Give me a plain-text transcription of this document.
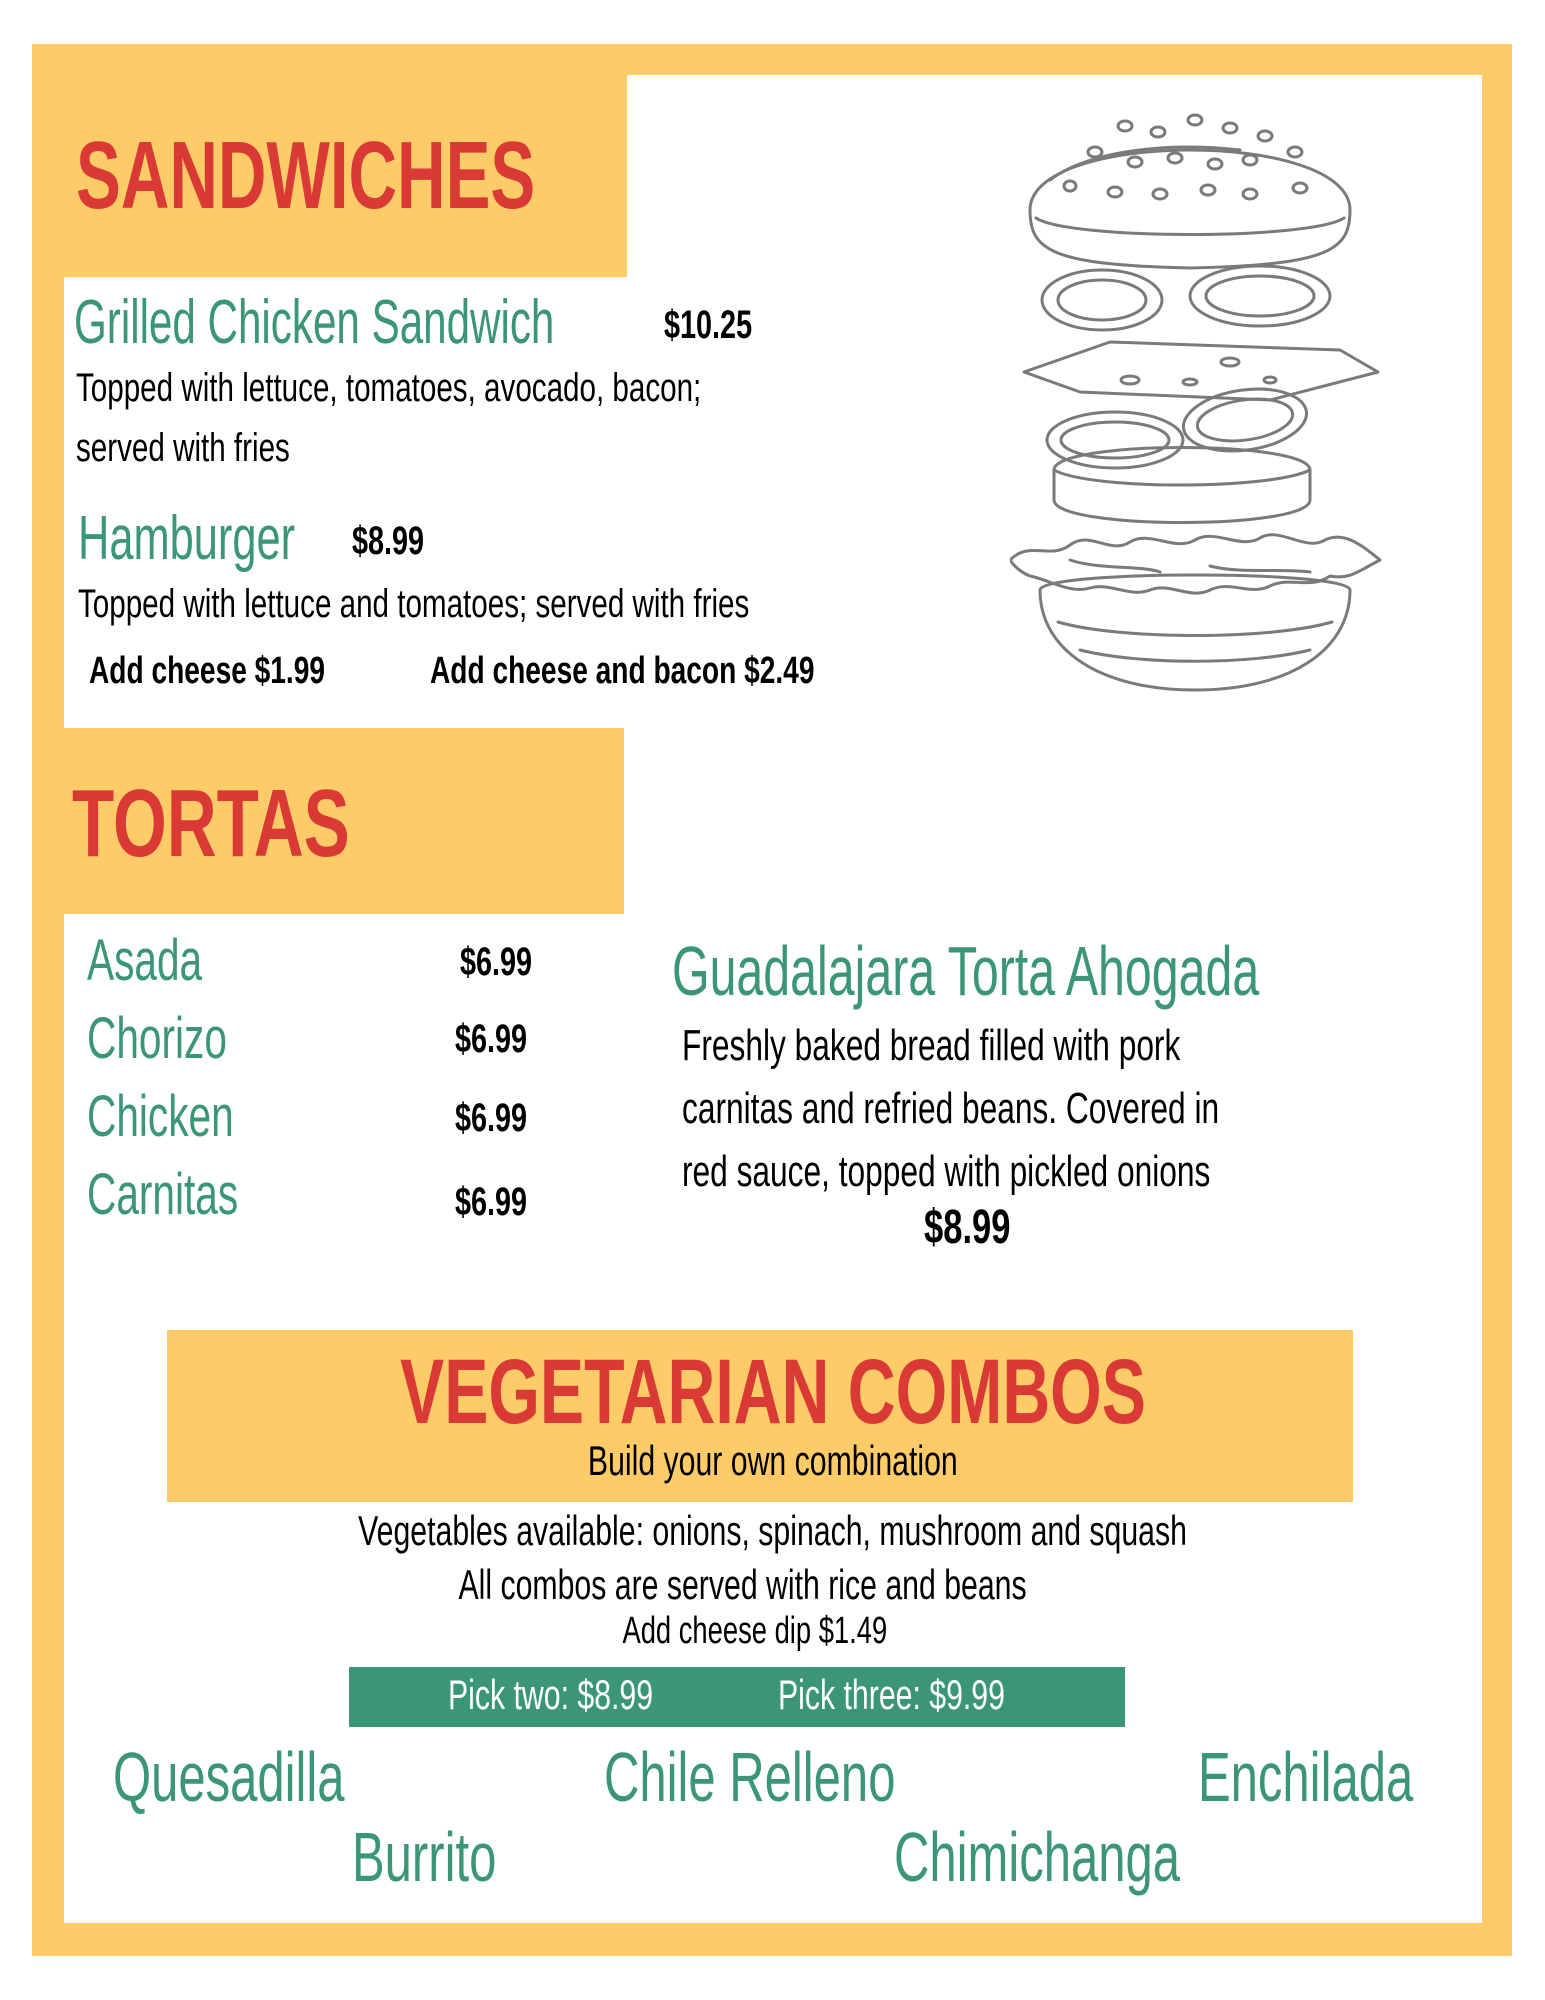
SANDWICHES
Grilled Chicken Sandwich	$10.25
Topped with lettuce, tomatoes, avocado, bacon;
served with fries
Hamburger	$8.99
Topped with lettuce and tomatoes; served with fries
Add cheese $1.99	Add cheese and bacon $2.49
TORTAS
Asada	$6.99
Chorizo	$6.99
Chicken	$6.99
Carnitas	$6.99
Guadalajara Torta Ahogada
Freshly baked bread filled with pork
carnitas and refried beans. Covered in
red sauce, topped with pickled onions
$8.99
VEGETARIAN COMBOS
Build your own combination
Vegetables available: onions, spinach, mushroom and squash
All combos are served with rice and beans
Add cheese dip $1.49
Pick two: $8.99	Pick three: $9.99
Quesadilla	Chile Relleno	Enchilada
Burrito	Chimichanga
